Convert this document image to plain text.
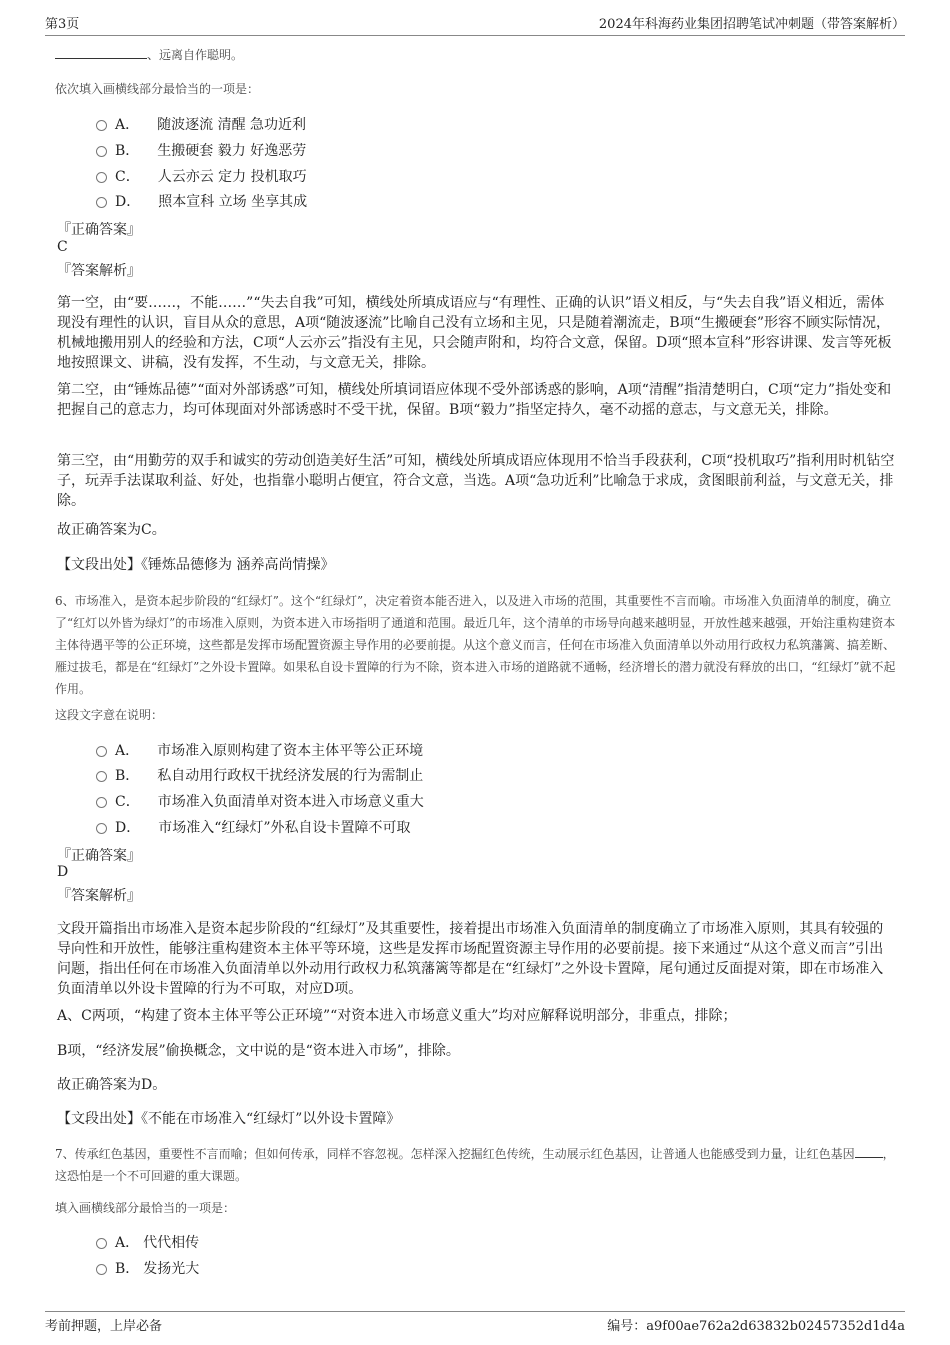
第3页	2024年科海药业集团招聘笔试冲刺题（带答案解析）
、远离自作聪明。
依次填入画横线部分最恰当的一项是：
A． 随波逐流 清醒 急功近利
B． 生搬硬套 毅力 好逸恶劳
C． 人云亦云 定力 投机取巧
D． 照本宣科 立场 坐享其成
『正确答案』
C
『答案解析』
第一空，由“要……，不能……”“失去自我”可知，横线处所填成语应与“有理性、正确的认识”语义相反，与“失去自我”语义相近，需体现没有理性的认识，盲目从众的意思，A项“随波逐流”比喻自己没有立场和主见，只是随着潮流走，B项“生搬硬套”形容不顾实际情况，机械地搬用别人的经验和方法，C项“人云亦云”指没有主见，只会随声附和，均符合文意，保留。D项“照本宣科”形容讲课、发言等死板地按照课文、讲稿，没有发挥，不生动，与文意无关，排除。
第二空，由“锤炼品德”“面对外部诱惑”可知，横线处所填词语应体现不受外部诱惑的影响，A项“清醒”指清楚明白，C项“定力”指处变和把握自己的意志力，均可体现面对外部诱惑时不受干扰，保留。B项“毅力”指坚定持久，毫不动摇的意志，与文意无关，排除。
第三空，由“用勤劳的双手和诚实的劳动创造美好生活”可知，横线处所填成语应体现用不恰当手段获利，C项“投机取巧”指利用时机钻空子，玩弄手法谋取利益、好处，也指靠小聪明占便宜，符合文意，当选。A项“急功近利”比喻急于求成，贪图眼前利益，与文意无关，排除。
故正确答案为C。
【文段出处】《锤炼品德修为 涵养高尚情操》
6、市场准入，是资本起步阶段的“红绿灯”。这个“红绿灯”，决定着资本能否进入，以及进入市场的范围，其重要性不言而喻。市场准入负面清单的制度，确立了“红灯以外皆为绿灯”的市场准入原则，为资本进入市场指明了通道和范围。最近几年，这个清单的市场导向越来越明显，开放性越来越强，开始注重构建资本主体待遇平等的公正环境，这些都是发挥市场配置资源主导作用的必要前提。从这个意义而言，任何在市场准入负面清单以外动用行政权力私筑藩篱、搞差断、雁过拔毛，都是在“红绿灯”之外设卡置障。如果私自设卡置障的行为不除，资本进入市场的道路就不通畅，经济增长的潜力就没有释放的出口，“红绿灯”就不起作用。
这段文字意在说明：
A． 市场准入原则构建了资本主体平等公正环境
B． 私自动用行政权干扰经济发展的行为需制止
C． 市场准入负面清单对资本进入市场意义重大
D． 市场准入“红绿灯”外私自设卡置障不可取
『正确答案』
D
『答案解析』
文段开篇指出市场准入是资本起步阶段的“红绿灯”及其重要性，接着提出市场准入负面清单的制度确立了市场准入原则，其具有较强的导向性和开放性，能够注重构建资本主体平等环境，这些是发挥市场配置资源主导作用的必要前提。接下来通过“从这个意义而言”引出问题，指出任何在市场准入负面清单以外动用行政权力私筑藩篱等都是在“红绿灯”之外设卡置障，尾句通过反面提对策，即在市场准入负面清单以外设卡置障的行为不可取，对应D项。
A、C两项，“构建了资本主体平等公正环境”“对资本进入市场意义重大”均对应解释说明部分，非重点，排除；
B项，“经济发展”偷换概念，文中说的是“资本进入市场”，排除。
故正确答案为D。
【文段出处】《不能在市场准入“红绿灯”以外设卡置障》
7、传承红色基因，重要性不言而喻；但如何传承，同样不容忽视。怎样深入挖掘红色传统，生动展示红色基因，让普通人也能感受到力量，让红色基因 ，这恐怕是一个不可回避的重大课题。
填入画横线部分最恰当的一项是：
A． 代代相传
B． 发扬光大
考前押题，上岸必备	编号：a9f00ae762a2d63832b02457352d1d4a
